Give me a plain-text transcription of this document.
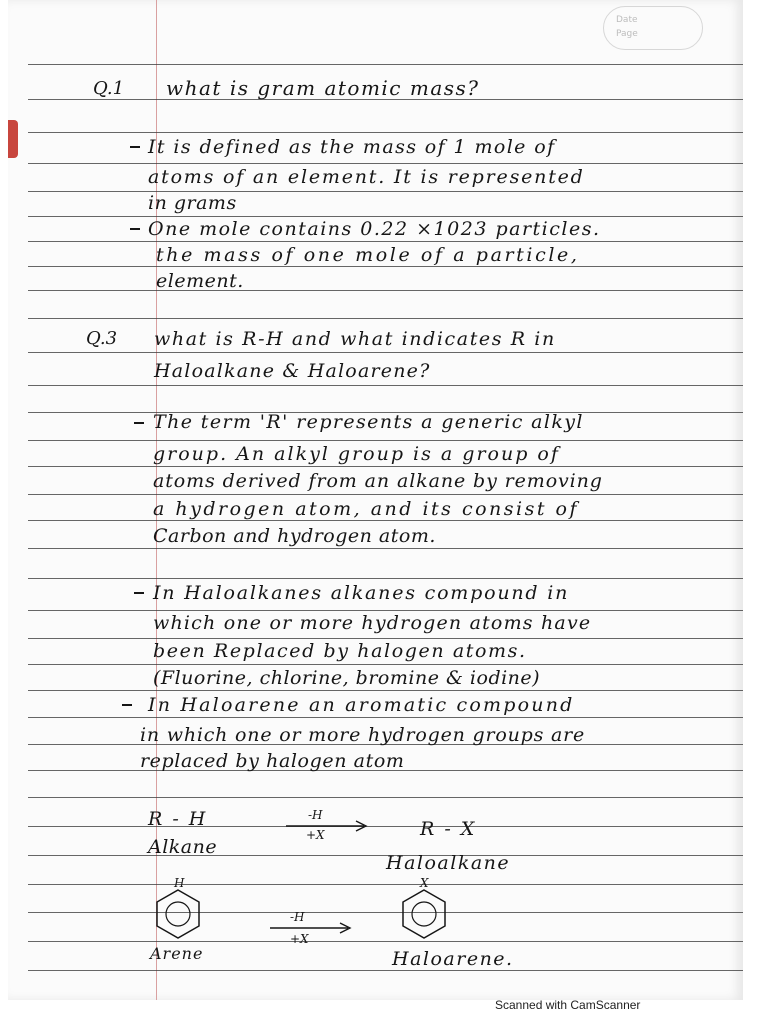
Date
Page
Q.1 what is gram atomic mass?
It is defined as the mass of 1 mole of
atoms of an element. It is represented
in grams
One mole contains 0.22 ×1023 particles.
the mass of one mole of a particle,
element.
Q.3 what is R-H and what indicates R in
Haloalkane & Haloarene?
The term 'R' represents a generic alkyl
group. An alkyl group is a group of
atoms derived from an alkane by removing
a hydrogen atom, and its consist of
Carbon and hydrogen atom.
In Haloalkanes alkanes compound in
which one or more hydrogen atoms have
been Replaced by halogen atoms.
(Fluorine, chlorine, bromine & iodine)
In Haloarene an aromatic compound
in which one or more hydrogen groups are
replaced by halogen atom
R - H
Alkane
-H
+X	R - X
Haloalkane
H
Arene
-H
+X
X
Haloarene.
Scanned with CamScanner
